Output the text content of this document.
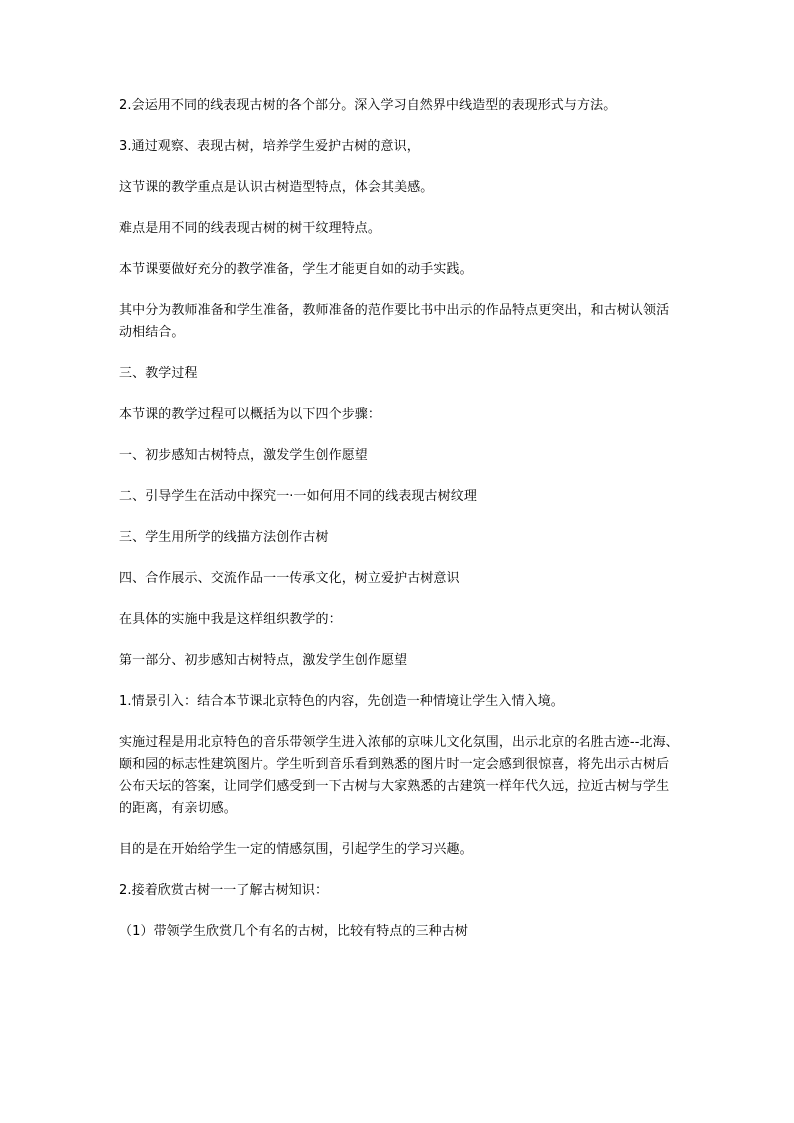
2.会运用不同的线表现古树的各个部分。深入学习自然界中线造型的表现形式与方法。

3.通过观察、表现古树，培养学生爱护古树的意识，

这节课的教学重点是认识古树造型特点，体会其美感。

难点是用不同的线表现古树的树干纹理特点。

本节课要做好充分的教学准备，学生才能更自如的动手实践。

其中分为教师准备和学生准备，教师准备的范作要比书中出示的作品特点更突出，和古树认领活动相结合。

三、教学过程

本节课的教学过程可以概括为以下四个步骤：

一、初步感知古树特点，激发学生创作愿望

二、引导学生在活动中探究一·一如何用不同的线表现古树纹理

三、学生用所学的线描方法创作古树

四、合作展示、交流作品一一传承文化，树立爱护古树意识

在具体的实施中我是这样组织教学的：

第一部分、初步感知古树特点，激发学生创作愿望

1.情景引入：结合本节课北京特色的内容，先创造一种情境让学生入情入境。

实施过程是用北京特色的音乐带领学生进入浓郁的京味儿文化氛围，出示北京的名胜古迹--北海、颐和园的标志性建筑图片。学生听到音乐看到熟悉的图片时一定会感到很惊喜，将先出示古树后公布天坛的答案，让同学们感受到一下古树与大家熟悉的古建筑一样年代久远，拉近古树与学生的距离，有亲切感。

目的是在开始给学生一定的情感氛围，引起学生的学习兴趣。

2.接着欣赏古树一一了解古树知识：

（1）带领学生欣赏几个有名的古树，比较有特点的三种古树
